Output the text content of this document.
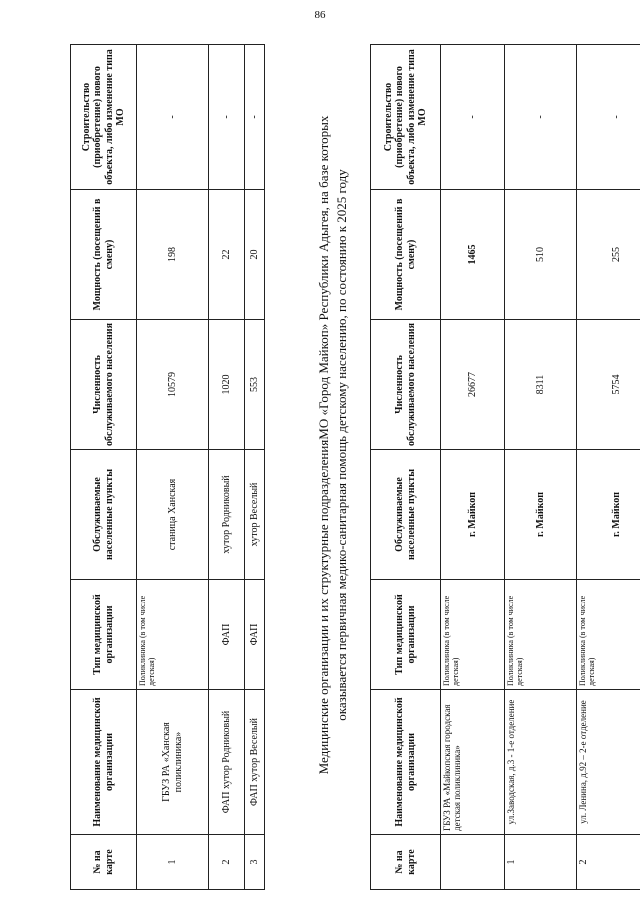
86
№ на карте	Наименование медицинской организации	Тип медицинской организации	Обслуживаемые населенные пункты	Численность обслуживаемого населения	Мощность (посещений в смену)	Строительство (приобретение) нового объекта, либо изменение типа МО
1	ГБУЗ РА «Ханская поликлиника»	Поликлиника (в том числе детская)	станица Ханская	10579	198	-
2	ФАП хутор Родниковый	ФАП	хутор Родниковый	1020	22	-
3	ФАП хутор Веселый	ФАП	хутор Веселый	553	20	-	Медицинские организации и их структурные подразделенияМО «Город Майкоп» Республики Адыгея, на базе которых оказывается первичная медико-санитарная помощь детскому населению, по состоянию к 2025 году
№ на карте	Наименование медицинской организации	Тип медицинской организации	Обслуживаемые населенные пункты	Численность обслуживаемого населения	Мощность (посещений в смену)	Строительство (приобретение) нового объекта, либо изменение типа МО
	ГБУЗ РА «Майкопская городская детская поликлиника»	Поликлиника (в том числе детская)	г. Майкоп	26677	1465	-
1	ул.Заводская, д.3 - 1-е отделение	Поликлиника (в том числе детская)	г. Майкоп	8311	510	-
2	ул. Ленина, д.92 – 2-е отделение	Поликлиника (в том числе детская)	г. Майкоп	5754	255	-
